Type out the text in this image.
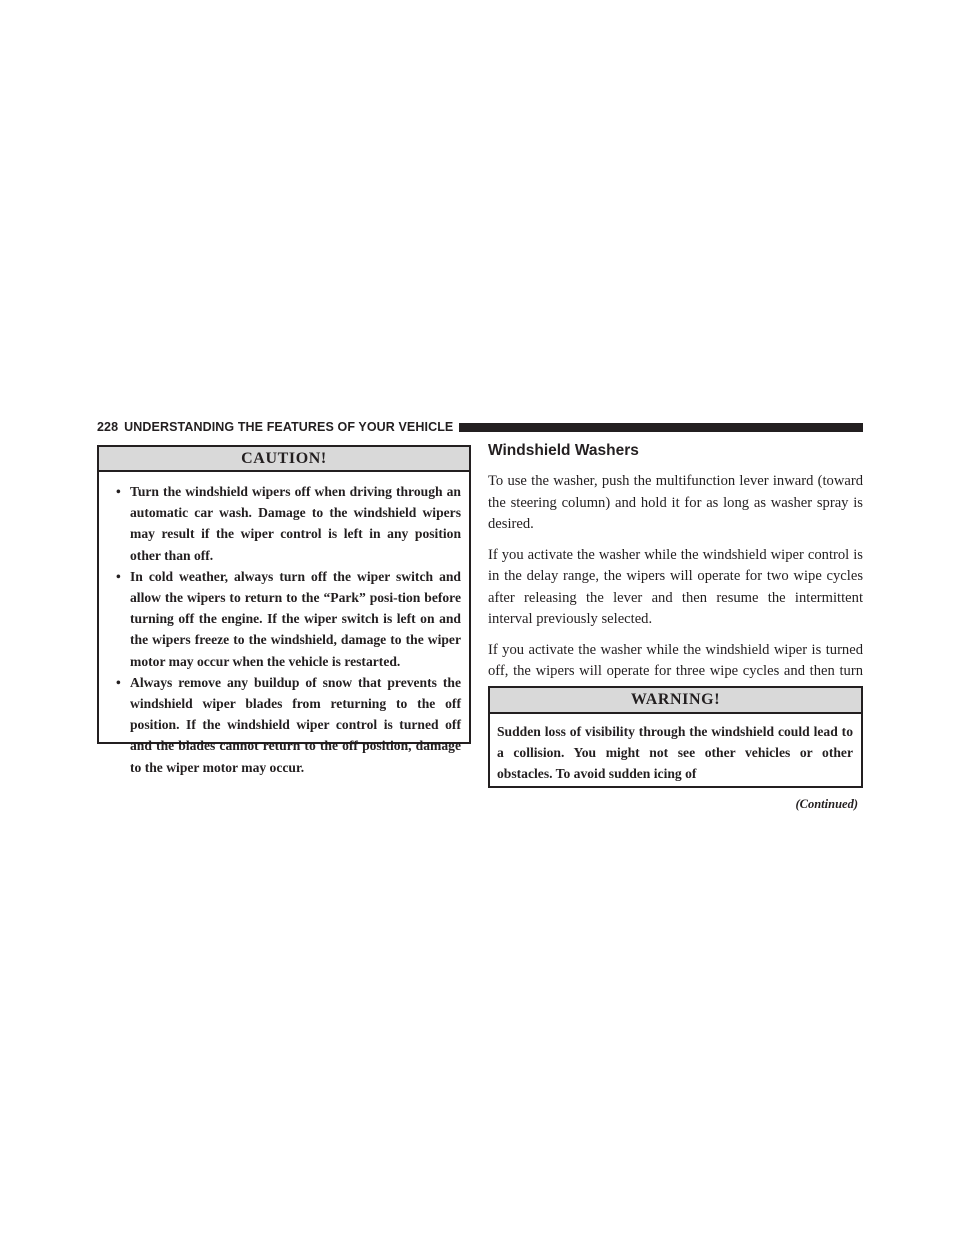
228 UNDERSTANDING THE FEATURES OF YOUR VEHICLE
CAUTION!
• Turn the windshield wipers off when driving through an automatic car wash. Damage to the windshield wipers may result if the wiper control is left in any position other than off.
• In cold weather, always turn off the wiper switch and allow the wipers to return to the “Park” posi-tion before turning off the engine. If the wiper switch is left on and the wipers freeze to the windshield, damage to the wiper motor may occur when the vehicle is restarted.
• Always remove any buildup of snow that prevents the windshield wiper blades from returning to the off position. If the windshield wiper control is turned off and the blades cannot return to the off position, damage to the wiper motor may occur.
Windshield Washers

To use the washer, push the multifunction lever inward (toward the steering column) and hold it for as long as washer spray is desired.

If you activate the washer while the windshield wiper control is in the delay range, the wipers will operate for two wipe cycles after releasing the lever and then resume the intermittent interval previously selected.

If you activate the washer while the windshield wiper is turned off, the wipers will operate for three wipe cycles and then turn

WARNING!
Sudden loss of visibility through the windshield could lead to a collision. You might not see other vehicles or other obstacles. To avoid sudden icing of
(Continued)
